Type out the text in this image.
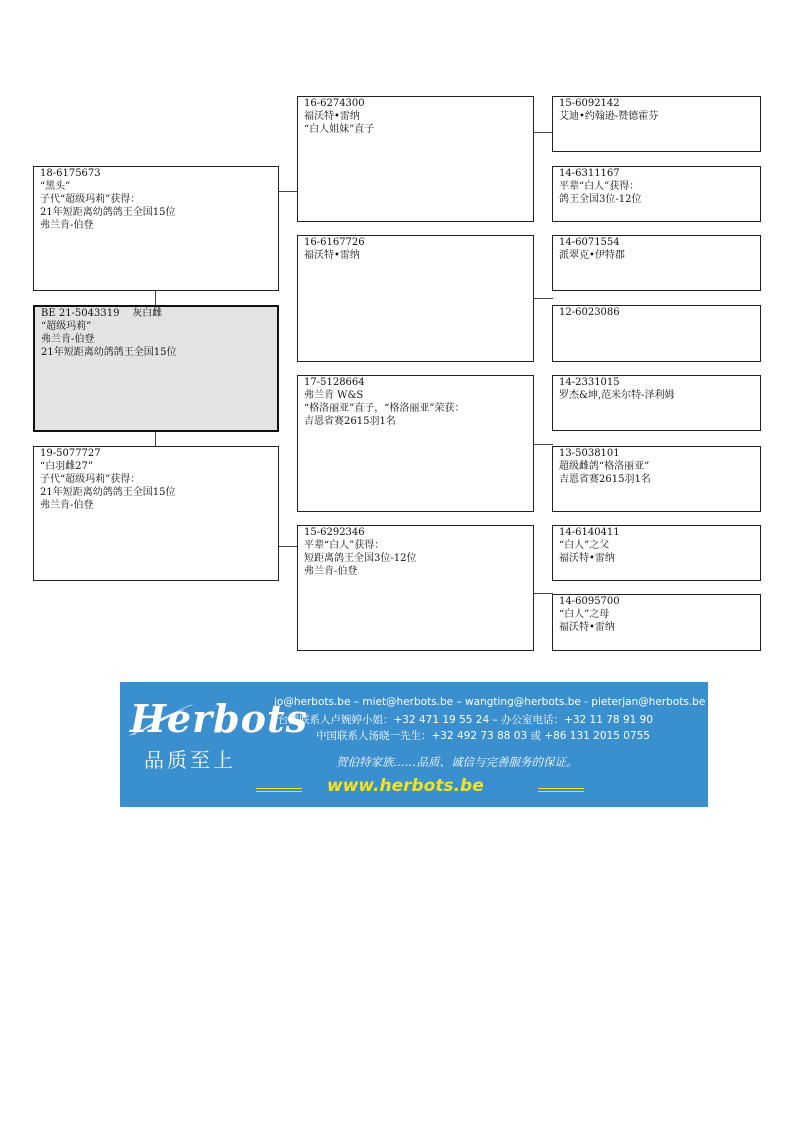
BE 21-5043319 灰白雌
“超级玛莉”
弗兰肯-伯登
21年短距离幼鸽鸽王全国15位
18-6175673
“黑头”
子代“超级玛莉”获得：
21年短距离幼鸽鸽王全国15位
弗兰肯-伯登
19-5077727
“白羽雌27”
子代“超级玛莉”获得：
21年短距离幼鸽鸽王全国15位
弗兰肯-伯登
16-6274300
福沃特•雷纳
“白人姐妹”直子
16-6167726
福沃特•雷纳
17-5128664
弗兰肯 W&S
“格洛丽亚”直子，“格洛丽亚”荣获：
吉恩省赛2615羽1名
15-6292346
平辈“白人”获得：
短距离鸽王全国3位-12位
弗兰肯-伯登
15-6092142
艾迪•约翰逊-赞德霍芬
14-6311167
平辈“白人”获得：
鸽王全国3位-12位
14-6071554
派翠克•伊特郡
12-6023086
14-2331015
罗杰&坤,范米尔特-泽利姆
13-5038101
超级雌鸽“格洛丽亚”
吉恩省赛2615羽1名
14-6140411
“白人”之父
福沃特•雷纳
14-6095700
“白人”之母
福沃特•雷纳
Herbots
品质至上
jo@herbots.be – miet@herbots.be – wangting@herbots.be - pieterjan@herbots.be
台湾联系人卢婉婷小姐：+32 471 19 55 24 – 办公室电话：+32 11 78 91 90
中国联系人汤晓一先生：+32 492 73 88 03 或 +86 131 2015 0755
贺伯特家族……品质、诚信与完善服务的保证。
www.herbots.be
